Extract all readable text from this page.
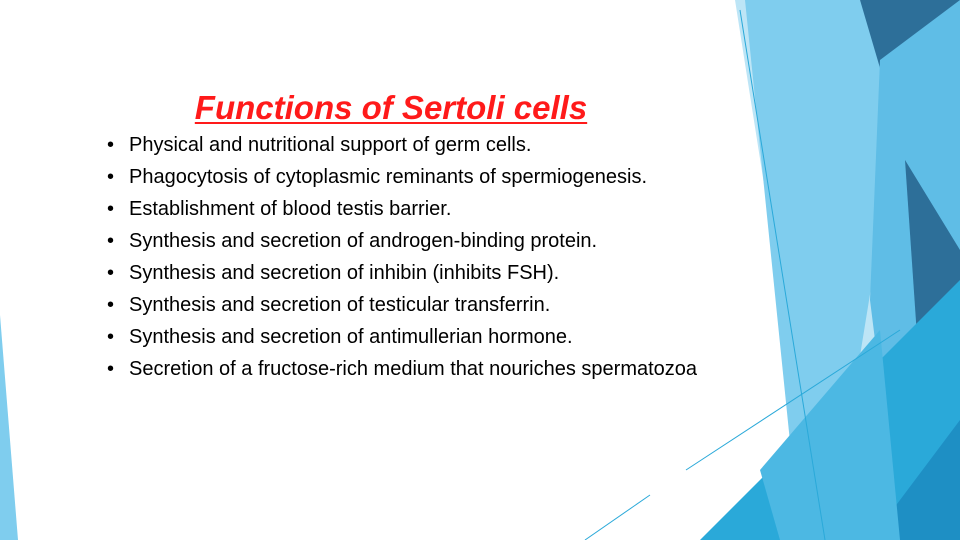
Functions of Sertoli cells
• Physical and nutritional support of germ cells.
• Phagocytosis of cytoplasmic reminants of spermiogenesis.
• Establishment of blood testis barrier.
• Synthesis and secretion of androgen-binding protein.
• Synthesis and secretion of inhibin (inhibits FSH).
• Synthesis and secretion of testicular transferrin.
• Synthesis and secretion of antimullerian hormone.
• Secretion of a fructose-rich medium that nouriches spermatozoa
